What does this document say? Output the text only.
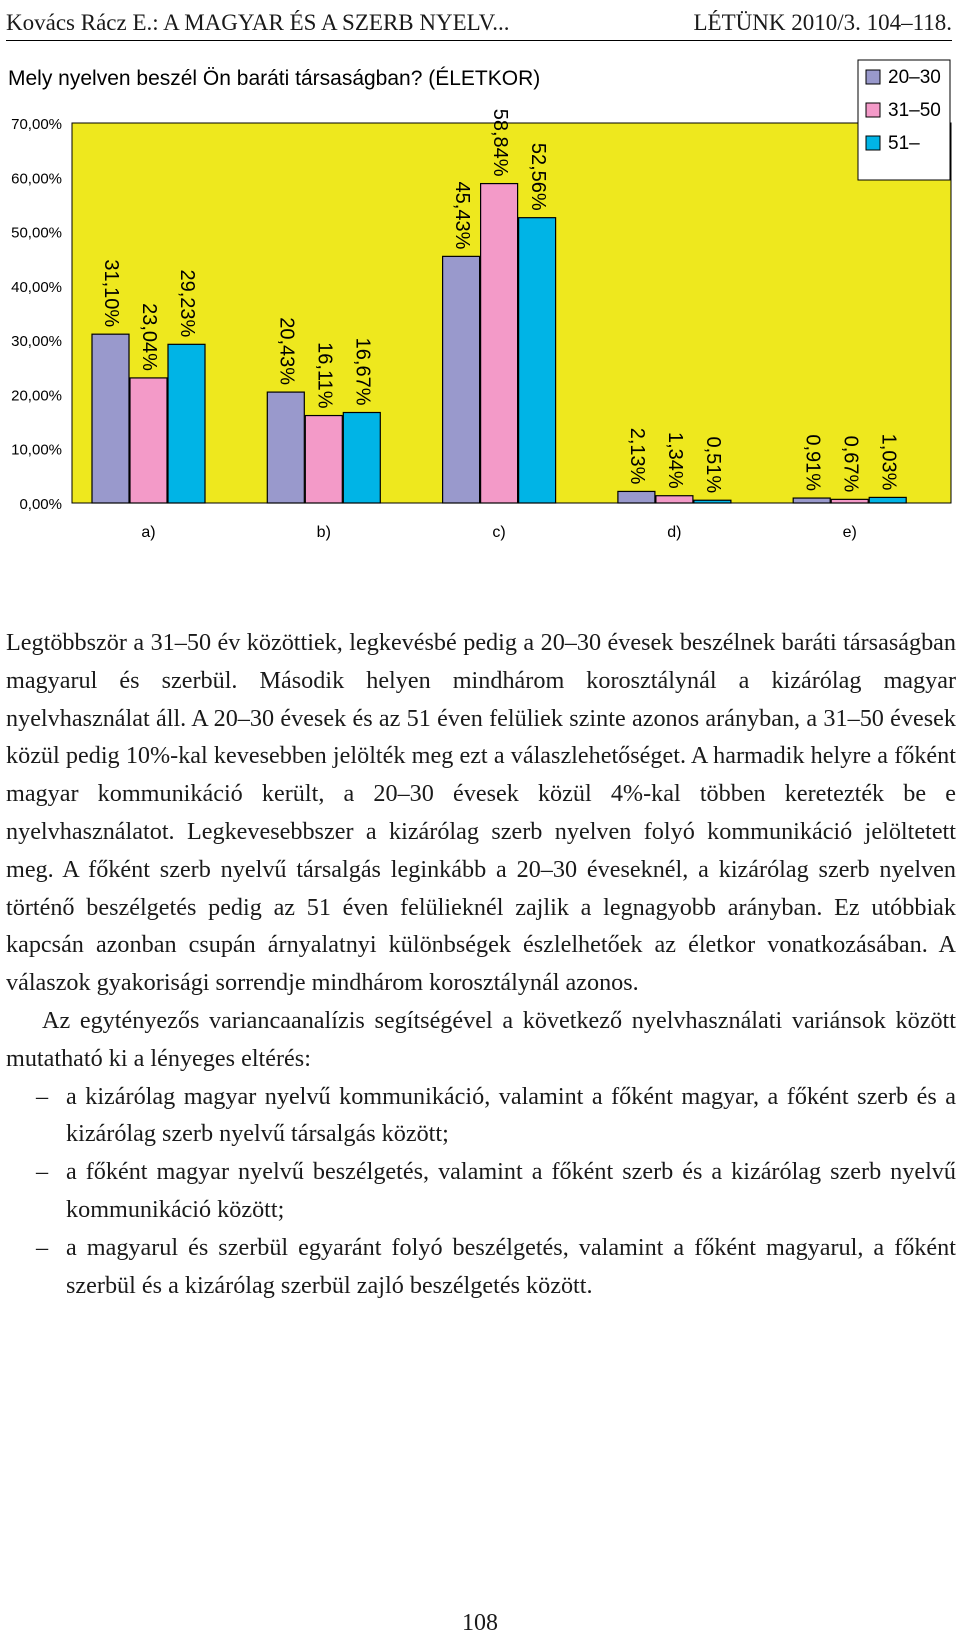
Kovács Rácz E.: A MAGYAR ÉS A SZERB NYELV...	LÉTÜNK 2010/3. 104–118.
Mely nyelven beszél Ön baráti társaságban? (ÉLETKOR)
0,00%
10,00%
20,00%
30,00%
40,00%
50,00%
60,00%
70,00%
31,10%
23,04% 29,23%
20,43% 16,11% 16,67%
45,43%
58,84%
52,56%
2,13% 1,34% 0,51%	0,91% 0,67% 1,03%
a)	b)	c)	d)	e)
20–30
31–50
51–

Legtöbbször a 31–50 év közöttiek, legkevésbé pedig a 20–30 évesek beszélnek baráti társaságban magyarul és szerbül. Második helyen mindhárom korosztálynál a kizárólag magyar nyelvhasználat áll. A 20–30 évesek és az 51 éven felüliek szinte azonos arányban, a 31–50 évesek közül pedig 10%-kal kevesebben jelölték meg ezt a válaszlehetőséget. A harmadik helyre a főként magyar kommunikáció került, a 20–30 évesek közül 4%-kal többen keretezték be e nyelvhasználatot. Legkevesebbszer a kizárólag szerb nyelven folyó kommunikáció jelöltetett meg. A főként szerb nyelvű társalgás leginkább a 20–30 éveseknél, a kizárólag szerb nyelven történő beszélgetés pedig az 51 éven felülieknél zajlik a legnagyobb arányban. Ez utóbbiak kapcsán azonban csupán árnyalatnyi különbségek észlelhetőek az életkor vonatkozásában. A válaszok gyakorisági sorrendje mindhárom korosztálynál azonos.

Az egytényezős variancaanalízis segítségével a következő nyelvhasználati variánsok között mutatható ki a lényeges eltérés:

– a kizárólag magyar nyelvű kommunikáció, valamint a főként magyar, a főként szerb és a kizárólag szerb nyelvű társalgás között;
– a főként magyar nyelvű beszélgetés, valamint a főként szerb és a kizárólag szerb nyelvű kommunikáció között;
– a magyarul és szerbül egyaránt folyó beszélgetés, valamint a főként magyarul, a főként szerbül és a kizárólag szerbül zajló beszélgetés között.
108
